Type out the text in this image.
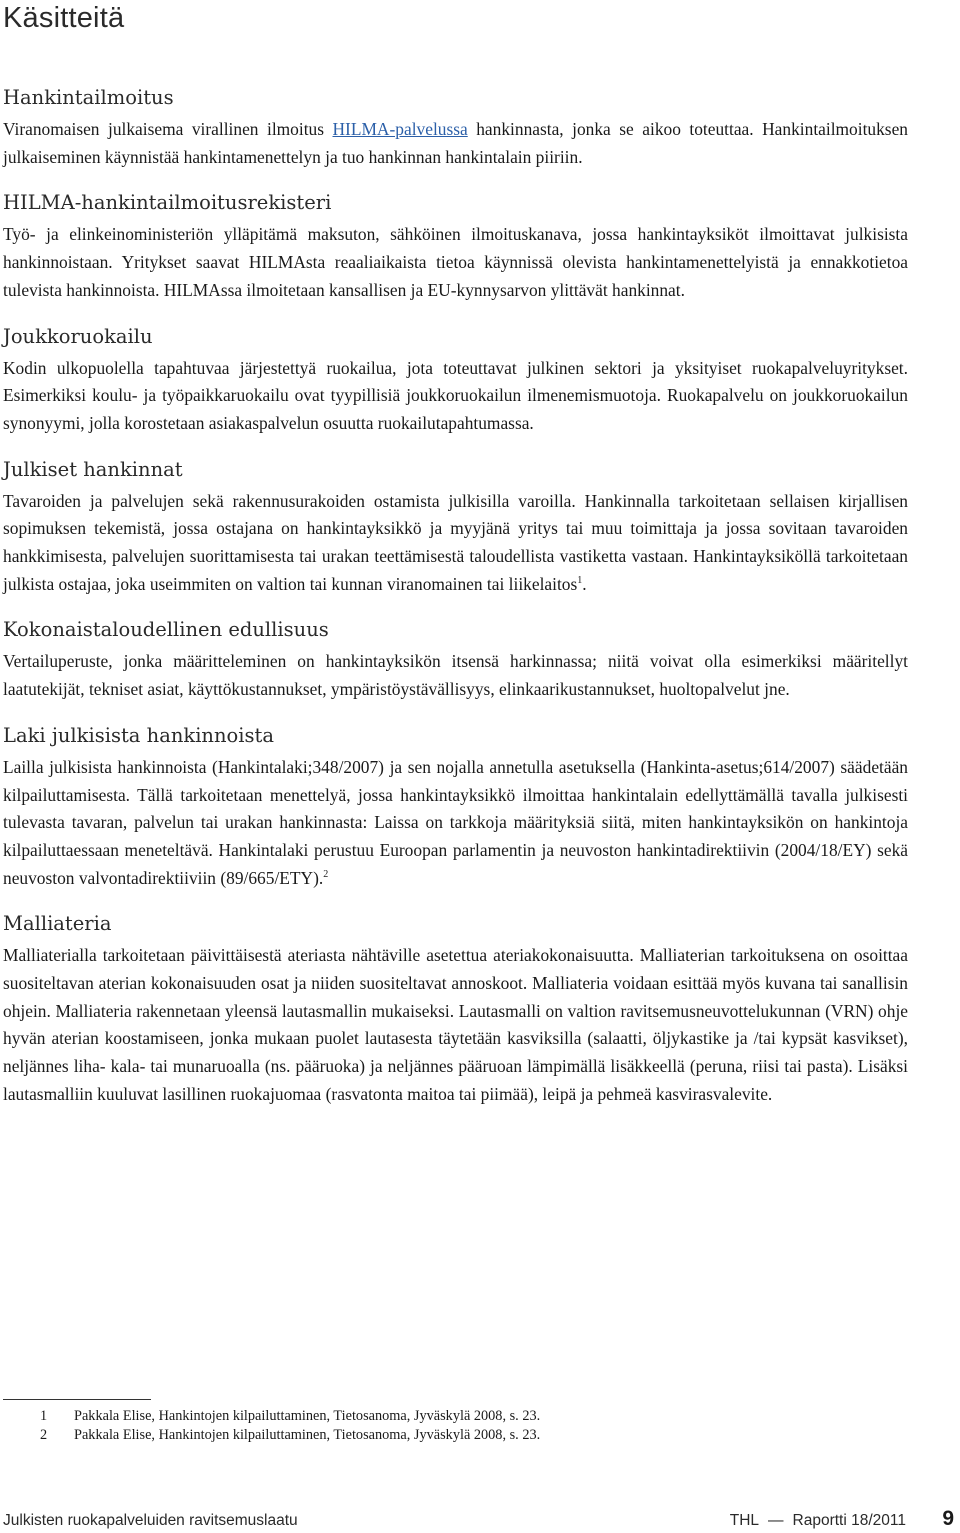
Käsitteitä
Hankintailmoitus

Viranomaisen julkaisema virallinen ilmoitus HILMA-palvelussa hankinnasta, jonka se aikoo toteuttaa. Hankintailmoituksen julkaiseminen käynnistää hankintamenettelyn ja tuo hankinnan hankintalain piiriin.

HILMA-hankintailmoitusrekisteri

Työ- ja elinkeinoministeriön ylläpitämä maksuton, sähköinen ilmoituskanava, jossa hankintayksiköt ilmoittavat julkisista hankinnoistaan. Yritykset saavat HILMAsta reaaliaikaista tietoa käynnissä olevista hankintamenettelyistä ja ennakkotietoa tulevista hankinnoista. HILMAssa ilmoitetaan kansallisen ja EU-kynnysarvon ylittävät hankinnat.

Joukkoruokailu

Kodin ulkopuolella tapahtuvaa järjestettyä ruokailua, jota toteuttavat julkinen sektori ja yksityiset ruokapalveluyritykset. Esimerkiksi koulu- ja työpaikkaruokailu ovat tyypillisiä joukkoruokailun ilmenemismuotoja. Ruokapalvelu on joukkoruokailun synonyymi, jolla korostetaan asiakaspalvelun osuutta ruokailutapahtumassa.

Julkiset hankinnat

Tavaroiden ja palvelujen sekä rakennusurakoiden ostamista julkisilla varoilla. Hankinnalla tarkoitetaan sellaisen kirjallisen sopimuksen tekemistä, jossa ostajana on hankintayksikkö ja myyjänä yritys tai muu toimittaja ja jossa sovitaan tavaroiden hankkimisesta, palvelujen suorittamisesta tai urakan teettämisestä taloudellista vastiketta vastaan. Hankintayksiköllä tarkoitetaan julkista ostajaa, joka useimmiten on valtion tai kunnan viranomainen tai liikelaitos$^1$.

Kokonaistaloudellinen edullisuus

Vertailuperuste, jonka määritteleminen on hankintayksikön itsensä harkinnassa; niitä voivat olla esimerkiksi määritellyt laatutekijät, tekniset asiat, käyttökustannukset, ympäristöystävällisyys, elinkaarikustannukset, huoltopalvelut jne.

Laki julkisista hankinnoista

Lailla julkisista hankinnoista (Hankintalaki;348/2007) ja sen nojalla annetulla asetuksella (Hankinta-asetus;614/2007) säädetään kilpailuttamisesta. Tällä tarkoitetaan menettelyä, jossa hankintayksikkö ilmoittaa hankintalain edellyttämällä tavalla julkisesti tulevasta tavaran, palvelun tai urakan hankinnasta: Laissa on tarkkoja määrityksiä siitä, miten hankintayksikön on hankintoja kilpailuttaessaan meneteltävä. Hankintalaki perustuu Euroopan parlamentin ja neuvoston hankintadirektiivin (2004/18/EY) sekä neuvoston valvontadirektiiviin (89/665/ETY).$^2$

Malliateria

Malliaterialla tarkoitetaan päivittäisestä ateriasta nähtäville asetettua ateriakokonaisuutta. Malliaterian tarkoituksena on osoittaa suositeltavan aterian kokonaisuuden osat ja niiden suositeltavat annoskoot. Malliateria voidaan esittää myös kuvana tai sanallisin ohjein. Malliateria rakennetaan yleensä lautasmallin mukaiseksi. Lautasmalli on valtion ravitsemusneuvottelukunnan (VRN) ohje hyvän aterian koostamiseen, jonka mukaan puolet lautasesta täytetään kasviksilla (salaatti, öljykastike ja /tai kypsät kasvikset), neljännes liha- kala- tai munaruoalla (ns. pääruoka) ja neljännes pääruoan lämpimällä lisäkkeellä (peruna, riisi tai pasta). Lisäksi lautasmalliin kuuluvat lasillinen ruokajuomaa (rasvatonta maitoa tai piimää), leipä ja pehmeä kasvirasvalevite.

1	Pakkala Elise, Hankintojen kilpailuttaminen, Tietosanoma, Jyväskylä 2008, s. 23.
2	Pakkala Elise, Hankintojen kilpailuttaminen, Tietosanoma, Jyväskylä 2008, s. 23.
Julkisten ruokapalveluiden ravitsemuslaatu	THL — Raportti 18/2011 9
